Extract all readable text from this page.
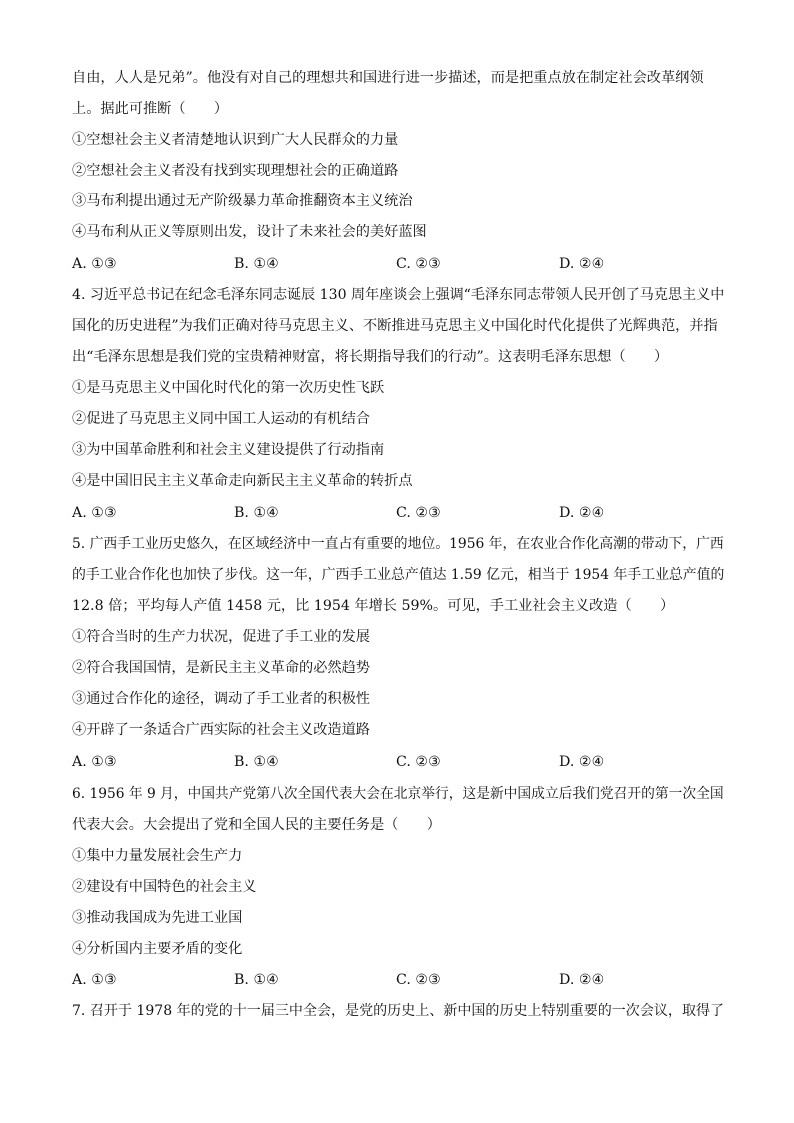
自由，人人是兄弟”。他没有对自己的理想共和国进行进一步描述，而是把重点放在制定社会改革纲领
上。据此可推断（　　）
①空想社会主义者清楚地认识到广大人民群众的力量
②空想社会主义者没有找到实现理想社会的正确道路
③马布利提出通过无产阶级暴力革命推翻资本主义统治
④马布利从正义等原则出发，设计了未来社会的美好蓝图
A. ①③	B. ①④	C. ②③	D. ②④
4. 习近平总书记在纪念毛泽东同志诞辰 130 周年座谈会上强调“毛泽东同志带领人民开创了马克思主义中
国化的历史进程”为我们正确对待马克思主义、不断推进马克思主义中国化时代化提供了光辉典范，并指
出“毛泽东思想是我们党的宝贵精神财富，将长期指导我们的行动”。这表明毛泽东思想（　　）
①是马克思主义中国化时代化的第一次历史性飞跃
②促进了马克思主义同中国工人运动的有机结合
③为中国革命胜利和社会主义建设提供了行动指南
④是中国旧民主主义革命走向新民主主义革命的转折点
A. ①③	B. ①④	C. ②③	D. ②④
5. 广西手工业历史悠久，在区域经济中一直占有重要的地位。1956 年，在农业合作化高潮的带动下，广西
的手工业合作化也加快了步伐。这一年，广西手工业总产值达 1.59 亿元，相当于 1954 年手工业总产值的
12.8 倍；平均每人产值 1458 元，比 1954 年增长 59%。可见，手工业社会主义改造（　　）
①符合当时的生产力状况，促进了手工业的发展
②符合我国国情，是新民主主义革命的必然趋势
③通过合作化的途径，调动了手工业者的积极性
④开辟了一条适合广西实际的社会主义改造道路
A. ①③	B. ①④	C. ②③	D. ②④
6. 1956 年 9 月，中国共产党第八次全国代表大会在北京举行，这是新中国成立后我们党召开的第一次全国
代表大会。大会提出了党和全国人民的主要任务是（　　）
①集中力量发展社会生产力
②建设有中国特色的社会主义
③推动我国成为先进工业国
④分析国内主要矛盾的变化
A. ①③	B. ①④	C. ②③	D. ②④
7. 召开于 1978 年的党的十一届三中全会，是党的历史上、新中国的历史上特别重要的一次会议，取得了
